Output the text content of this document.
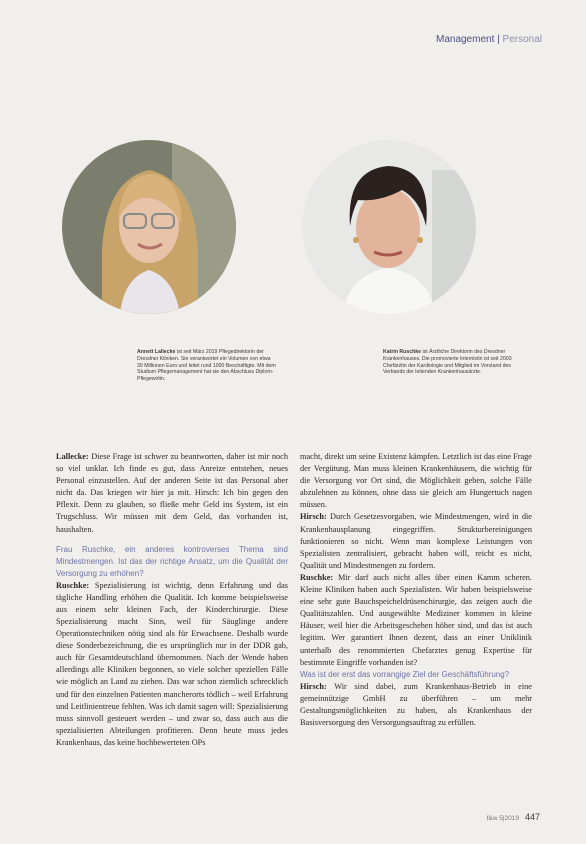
Management | Personal
Annett Lallecke ist seit März 2019 Pflegedirektorin der Dresdner Kliniken. Sie verantwortet ein Volumen von etwa 30 Millionen Euro und leitet rund 1000 Beschäftigte. Mit dem Studium Pflegemanagement hat sie den Abschluss Diplom-Pflegewirtin.
Katrin Ruschke ist Ärztliche Direktorin des Dresdner Krankenhauses. Die promovierte Internistin ist seit 2003 Chefärztin der Kardiologie und Mitglied im Vorstand des Verbands der leitenden Krankenhausärzte.

Lallecke: Diese Frage ist schwer zu beantworten, daher ist mir noch so viel unklar. Ich finde es gut, dass Anreize entstehen, neues Personal einzustellen. Auf der anderen Seite ist das Personal aber nicht da. Das kriegen wir hier ja mit. Hirsch: Ich bin gegen den Pflexit. Denn zu glauben, so fließe mehr Geld ins System, ist ein Trugschluss. Wir müssen mit dem Geld, das vorhanden ist, haushalten.

Frau Ruschke, ein anderes kontroverses Thema sind Mindestmengen. Ist das der richtige Ansatz, um die Qualität der Versorgung zu erhöhen?

Ruschke: Spezialisierung ist wichtig, denn Erfahrung und das tägliche Handling erhöhen die Qualität. Ich komme beispielsweise aus einem sehr kleinen Fach, der Kinderchirurgie. Diese Spezialisierung macht Sinn, weil für Säuglinge andere Operationstechniken nötig sind als für Erwachsene. Deshalb wurde diese Sonderbezeichnung, die es ursprünglich nur in der DDR gab, auch für Gesamtdeutschland übernommen. Nach der Wende haben allerdings alle Kliniken begonnen, so viele solcher speziellen Fälle wie möglich an Land zu ziehen. Das war schon ziemlich schrecklich und für den einzelnen Patienten mancherorts tödlich – weil Erfahrung und Leitlinientreue fehlten. Was ich damit sagen will: Spezialisierung muss sinnvoll gesteuert werden – und zwar so, dass auch aus die spezialisierten Abteilungen profitieren. Denn heute muss jedes Krankenhaus, das keine hochbewerteten OPs

macht, direkt um seine Existenz kämpfen. Letztlich ist das eine Frage der Vergütung. Man muss kleinen Krankenhäusern, die wichtig für die Versorgung vor Ort sind, die Möglichkeit geben, solche Fälle abzulehnen zu können, ohne dass sie gleich am Hungertuch nagen müssen.

Hirsch: Durch Gesetzesvorgaben, wie Mindestmengen, wird in die Krankenhausplanung eingegriffen. Strukturbereinigungen funktionieren so nicht. Wenn man komplexe Leistungen von Spezialisten zentralisiert, gebracht haben will, reicht es nicht, Qualität und Mindestmengen zu fordern.

Ruschke: Mir darf auch nicht alles über einen Kamm scheren. Kleine Kliniken haben auch Spezialisten. Wir haben beispielsweise eine sehr gute Bauchspeicheldrüsenchirurgie, das zeigen auch die Qualitätszahlen. Und ausgewählte Mediziner kommen in kleine Häuser, weil hier die Arbeitsgeschehen höher sind, und das ist auch legitim. Wer garantiert Ihnen dezent, dass an einer Uniklinik unterhalb des renommierten Chefarztes genug Expertise für bestimmte Eingriffe vorhanden ist?

Was ist der erst das vorrangige Ziel der Geschäftsführung?

Hirsch: Wir sind dabei, zum Krankenhaus-Betrieb in eine gemeinnützige GmbH zu überführen – um mehr Gestaltungsmöglichkeiten zu haben, als Krankenhaus der Basisversorgung den Versorgungsauftrag zu erfüllen.

f&w 5|2019 447
